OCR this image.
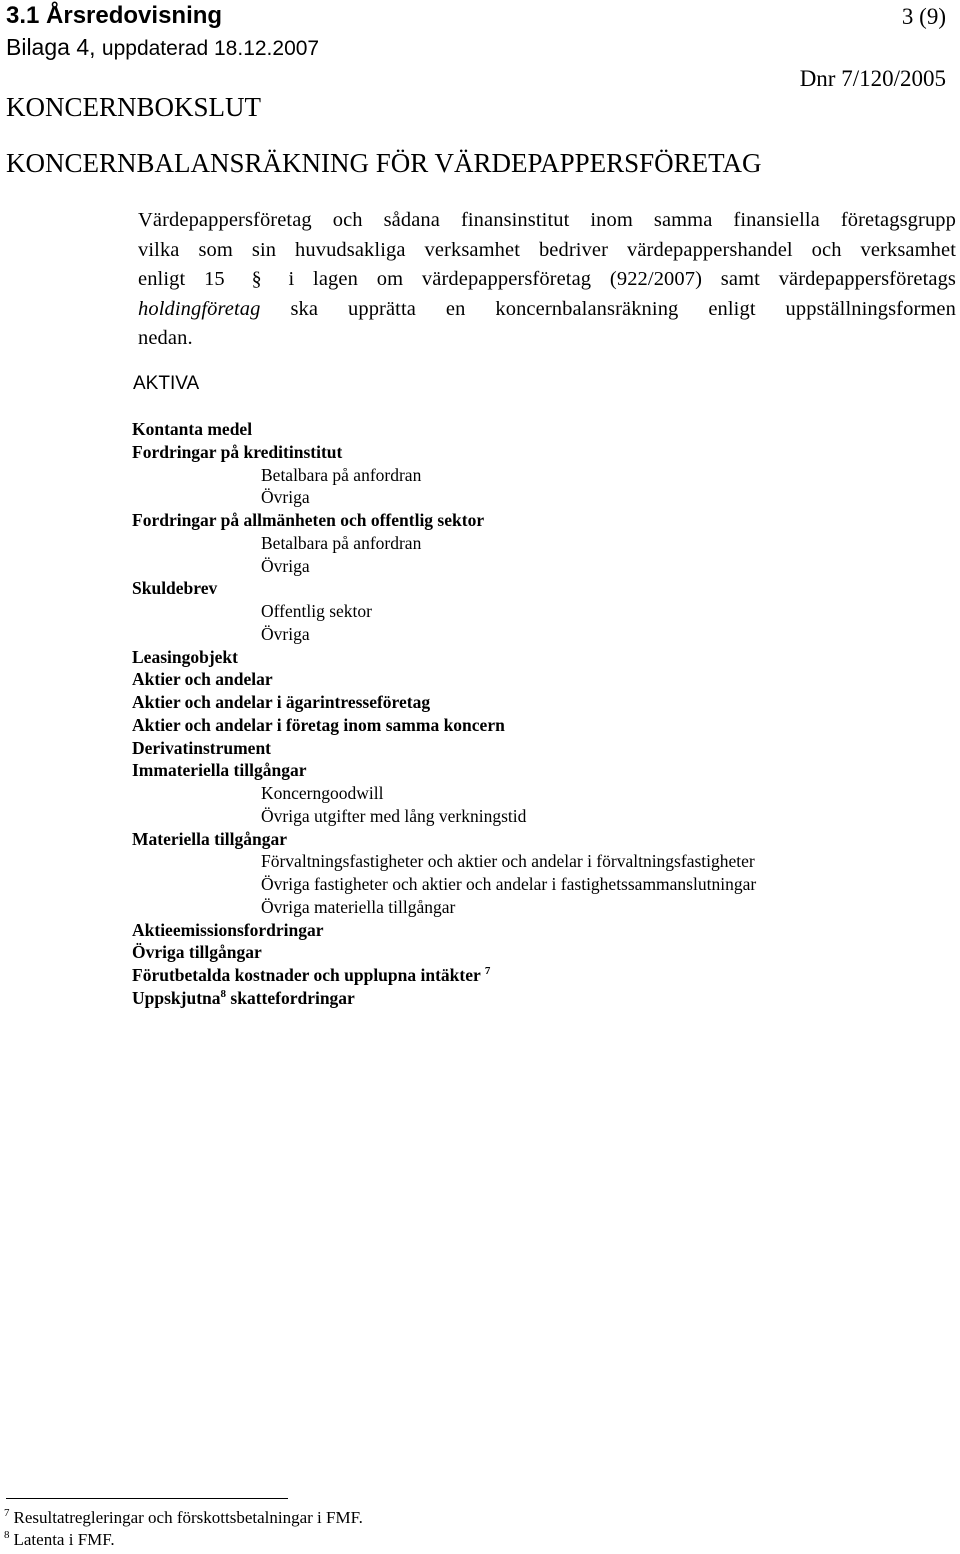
3.1 Årsredovisning
Bilaga 4, uppdaterad 18.12.2007
3 (9)
Dnr 7/120/2005
KONCERNBOKSLUT
KONCERNBALANSRÄKNING FÖR VÄRDEPAPPERSFÖRETAG
Värdepappersföretag och sådana finansinstitut inom samma finansiella företagsgrupp
vilka som sin huvudsakliga verksamhet bedriver värdepappershandel och verksamhet
enligt 15 § i lagen om värdepappersföretag (922/2007) samt värdepappersföretags
holdingföretag ska upprätta en koncernbalansräkning enligt uppställningsformen
nedan.
AKTIVA
Kontanta medel
Fordringar på kreditinstitut
Betalbara på anfordran
Övriga
Fordringar på allmänheten och offentlig sektor
Betalbara på anfordran
Övriga
Skuldebrev
Offentlig sektor
Övriga
Leasingobjekt
Aktier och andelar
Aktier och andelar i ägarintresseföretag
Aktier och andelar i företag inom samma koncern
Derivatinstrument
Immateriella tillgångar
Koncerngoodwill
Övriga utgifter med lång verkningstid
Materiella tillgångar
Förvaltningsfastigheter och aktier och andelar i förvaltningsfastigheter
Övriga fastigheter och aktier och andelar i fastighetssammanslutningar
Övriga materiella tillgångar
Aktieemissionsfordringar
Övriga tillgångar
Förutbetalda kostnader och upplupna intäkter $^7$
Uppskjutna$^8$ skattefordringar
$^7$ Resultatregleringar och förskottsbetalningar i FMF.
$^8$ Latenta i FMF.
